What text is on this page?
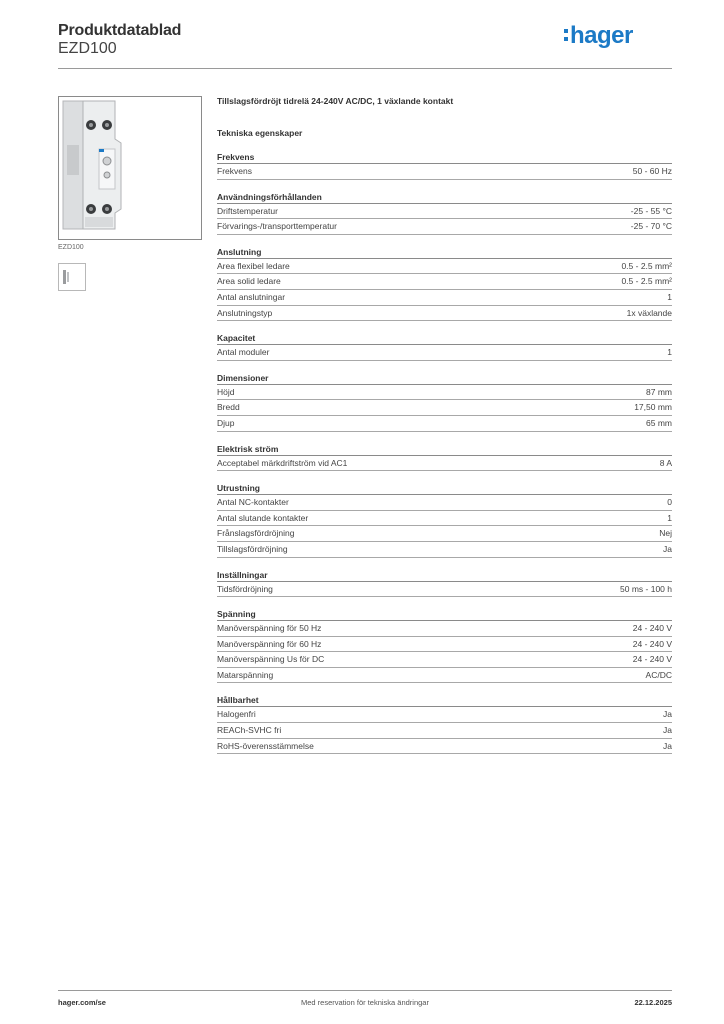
Produktdatablad
EZD100	hager
EZD100
Tillslagsfördröjt tidrelä 24-240V AC/DC, 1 växlande kontakt
Tekniska egenskaper
Frekvens
Frekvens	50 - 60 Hz
Användningsförhållanden
Driftstemperatur	-25 - 55 °C
Förvarings-/transporttemperatur	-25 - 70 °C
Anslutning
Area flexibel ledare	0.5 - 2.5 mm²
Area solid ledare	0.5 - 2.5 mm²
Antal anslutningar	1
Anslutningstyp	1x växlande
Kapacitet
Antal moduler	1
Dimensioner
Höjd	87 mm
Bredd	17,50 mm
Djup	65 mm
Elektrisk ström
Acceptabel märkdriftström vid AC1	8 A
Utrustning
Antal NC-kontakter	0
Antal slutande kontakter	1
Frånslagsfördröjning	Nej
Tillslagsfördröjning	Ja
Inställningar
Tidsfördröjning	50 ms - 100 h
Spänning
Manöverspänning för 50 Hz	24 - 240 V
Manöverspänning för 60 Hz	24 - 240 V
Manöverspänning Us för DC	24 - 240 V
Matarspänning	AC/DC
Hållbarhet
Halogenfri	Ja
REACh-SVHC fri	Ja
RoHS-överensstämmelse	Ja
hager.com/se	Med reservation för tekniska ändringar	22.12.2025
